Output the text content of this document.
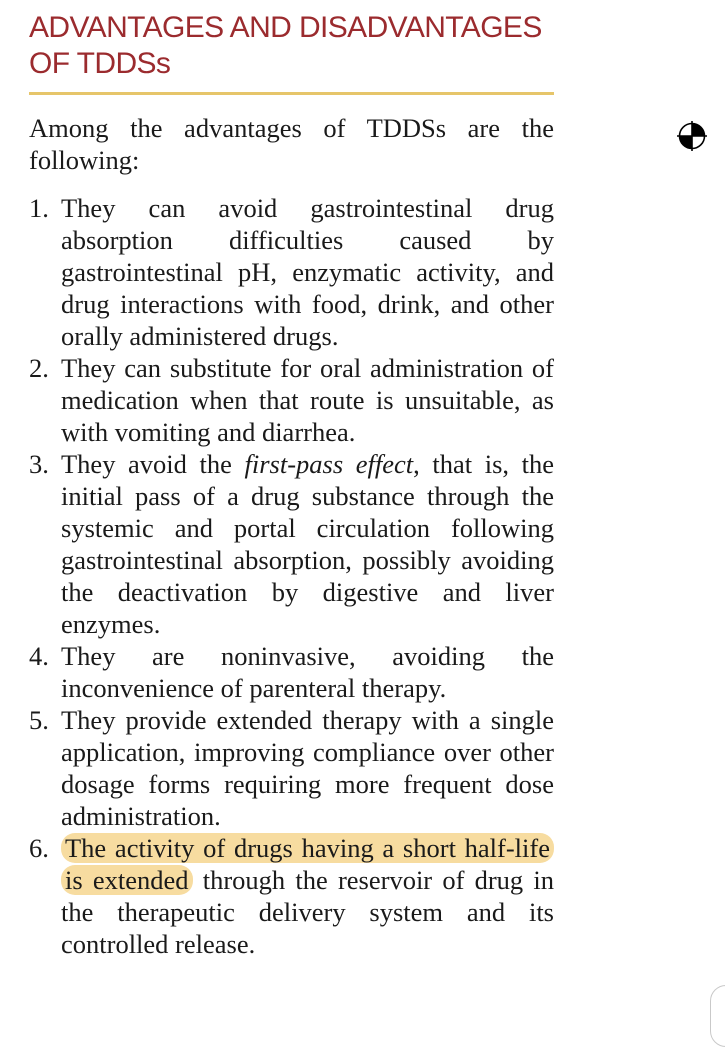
ADVANTAGES AND DISADVANTAGES
OF TDDSs

Among the advantages of TDDSs are the following:

1. They can avoid gastrointestinal drug absorption difficulties caused by gastrointestinal pH, enzymatic activity, and drug interactions with food, drink, and other orally administered drugs.
2. They can substitute for oral administration of medication when that route is unsuitable, as with vomiting and diarrhea.
3. They avoid the first-pass effect, that is, the initial pass of a drug substance through the systemic and portal circulation following gastrointestinal absorption, possibly avoiding the deactivation by digestive and liver enzymes.
4. They are noninvasive, avoiding the inconvenience of parenteral therapy.
5. They provide extended therapy with a single application, improving compliance over other dosage forms requiring more frequent dose administration.
6. The activity of drugs having a short half-life is extended through the reservoir of drug in the therapeutic delivery system and its controlled release.
